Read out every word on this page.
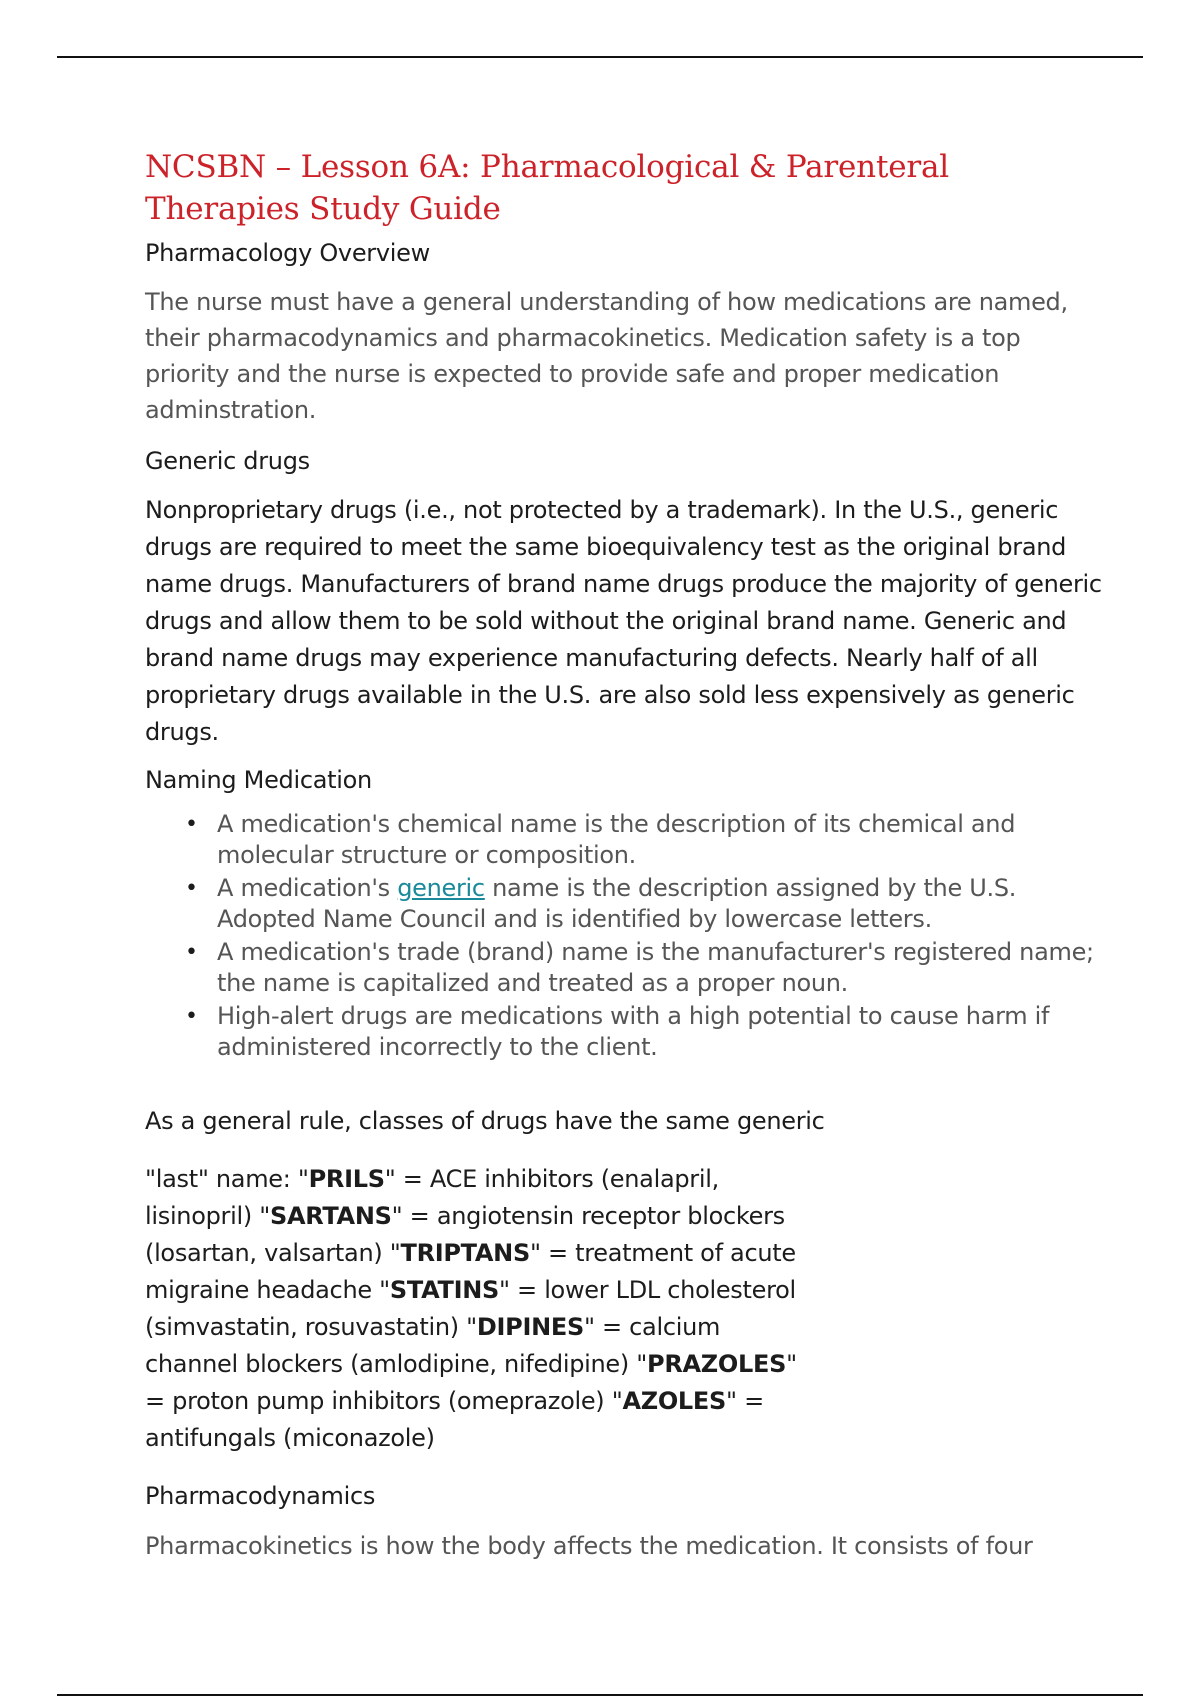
NCSBN – Lesson 6A: Pharmacological & Parenteral Therapies Study Guide
Pharmacology Overview

The nurse must have a general understanding of how medications are named, their pharmacodynamics and pharmacokinetics. Medication safety is a top priority and the nurse is expected to provide safe and proper medication adminstration.

Generic drugs

Nonproprietary drugs (i.e., not protected by a trademark). In the U.S., generic drugs are required to meet the same bioequivalency test as the original brand name drugs. Manufacturers of brand name drugs produce the majority of generic drugs and allow them to be sold without the original brand name. Generic and brand name drugs may experience manufacturing defects. Nearly half of all proprietary drugs available in the U.S. are also sold less expensively as generic drugs.

Naming Medication
• A medication's chemical name is the description of its chemical and molecular structure or composition.
• A medication's generic name is the description assigned by the U.S. Adopted Name Council and is identified by lowercase letters.
• A medication's trade (brand) name is the manufacturer's registered name; the name is capitalized and treated as a proper noun.
• High-alert drugs are medications with a high potential to cause harm if administered incorrectly to the client.

As a general rule, classes of drugs have the same generic

"last" name: "PRILS" = ACE inhibitors (enalapril, lisinopril) "SARTANS" = angiotensin receptor blockers (losartan, valsartan) "TRIPTANS" = treatment of acute migraine headache "STATINS" = lower LDL cholesterol (simvastatin, rosuvastatin) "DIPINES" = calcium channel blockers (amlodipine, nifedipine) "PRAZOLES" = proton pump inhibitors (omeprazole) "AZOLES" = antifungals (miconazole)

Pharmacodynamics

Pharmacokinetics is how the body affects the medication. It consists of four
